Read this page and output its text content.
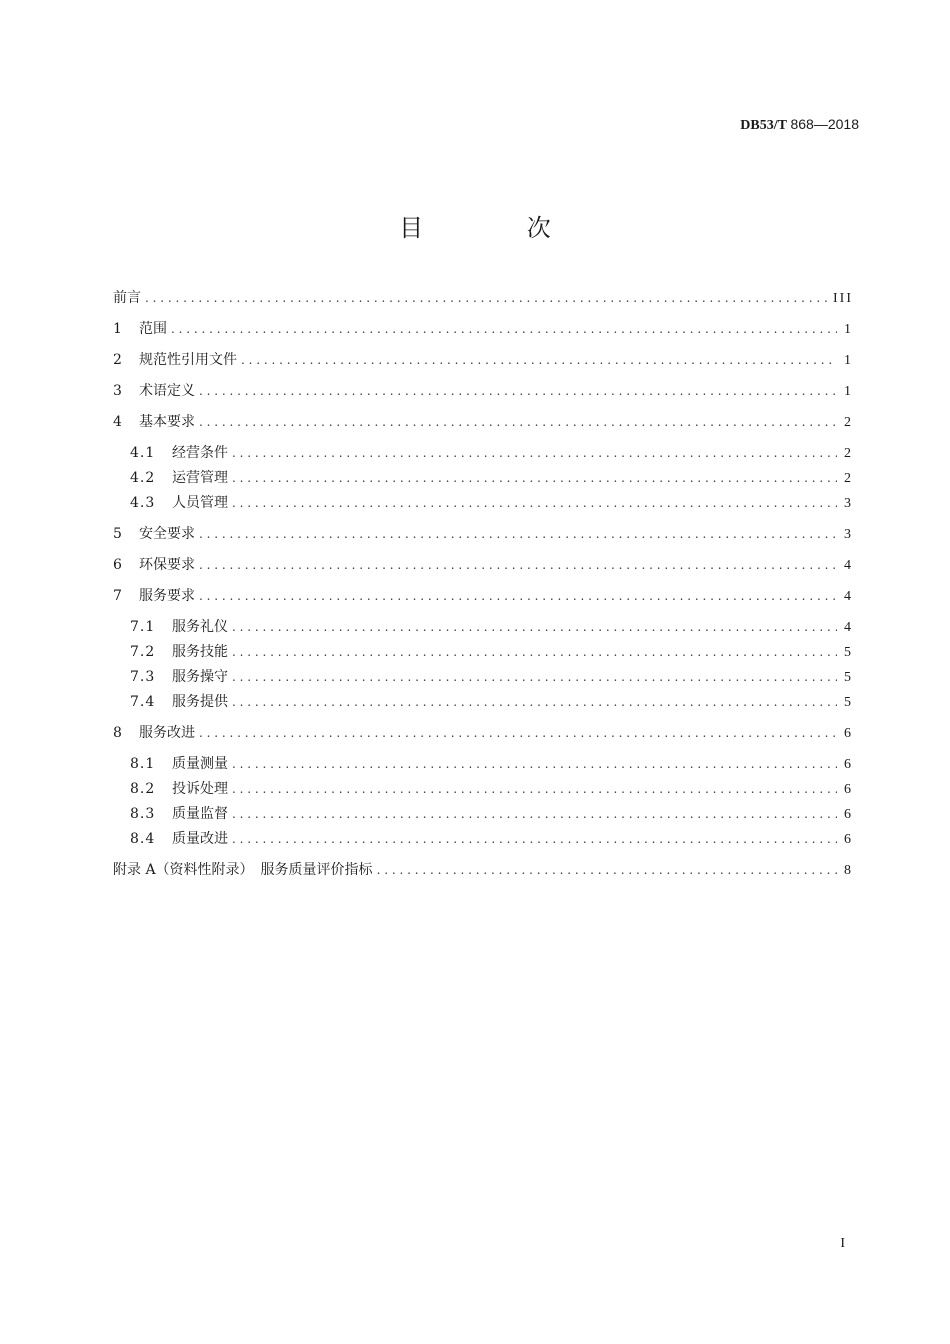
DB53/T 868—2018
目 次
前言 . . .	III
1	范围 . . .	1
2	规范性引用文件 . . .	1
3	术语定义 . . .	1
4	基本要求 . . .	2
4.1	经营条件 . . .	2
4.2	运营管理 . . .	2
4.3	人员管理 . . .	3
5	安全要求 . . .	3
6	环保要求 . . .	4
7	服务要求 . . .	4
7.1	服务礼仪 . . .	4
7.2	服务技能 . . .	5
7.3	服务操守 . . .	5
7.4	服务提供 . . .	5
8	服务改进 . . .	6
8.1	质量测量 . . .	6
8.2	投诉处理 . . .	6
8.3	质量监督 . . .	6
8.4	质量改进 . . .	6
附录 A（资料性附录）　服务质量评价指标 . . .	8
I
